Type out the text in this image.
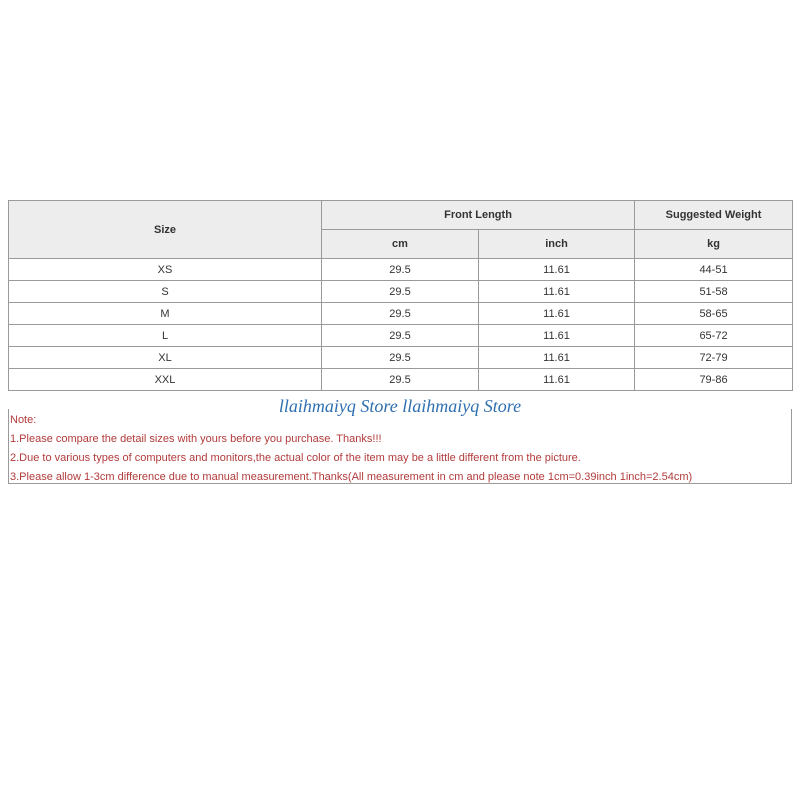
Size	Front Length		Suggested Weight
	cm	inch	kg
XS	29.5	11.61	44-51
S	29.5	11.61	51-58
M	29.5	11.61	58-65
L	29.5	11.61	65-72
XL	29.5	11.61	72-79
XXL	29.5	11.61	79-86
Note:
1.Please compare the detail sizes with yours before you purchase. Thanks!!!
2.Due to various types of computers and monitors,the actual color of the item may be a little different from the picture.
3.Please allow 1-3cm difference due to manual measurement.Thanks(All measurement in cm and please note 1cm=0.39inch 1inch=2.54cm)
llaihmaiyq Store llaihmaiyq Store
